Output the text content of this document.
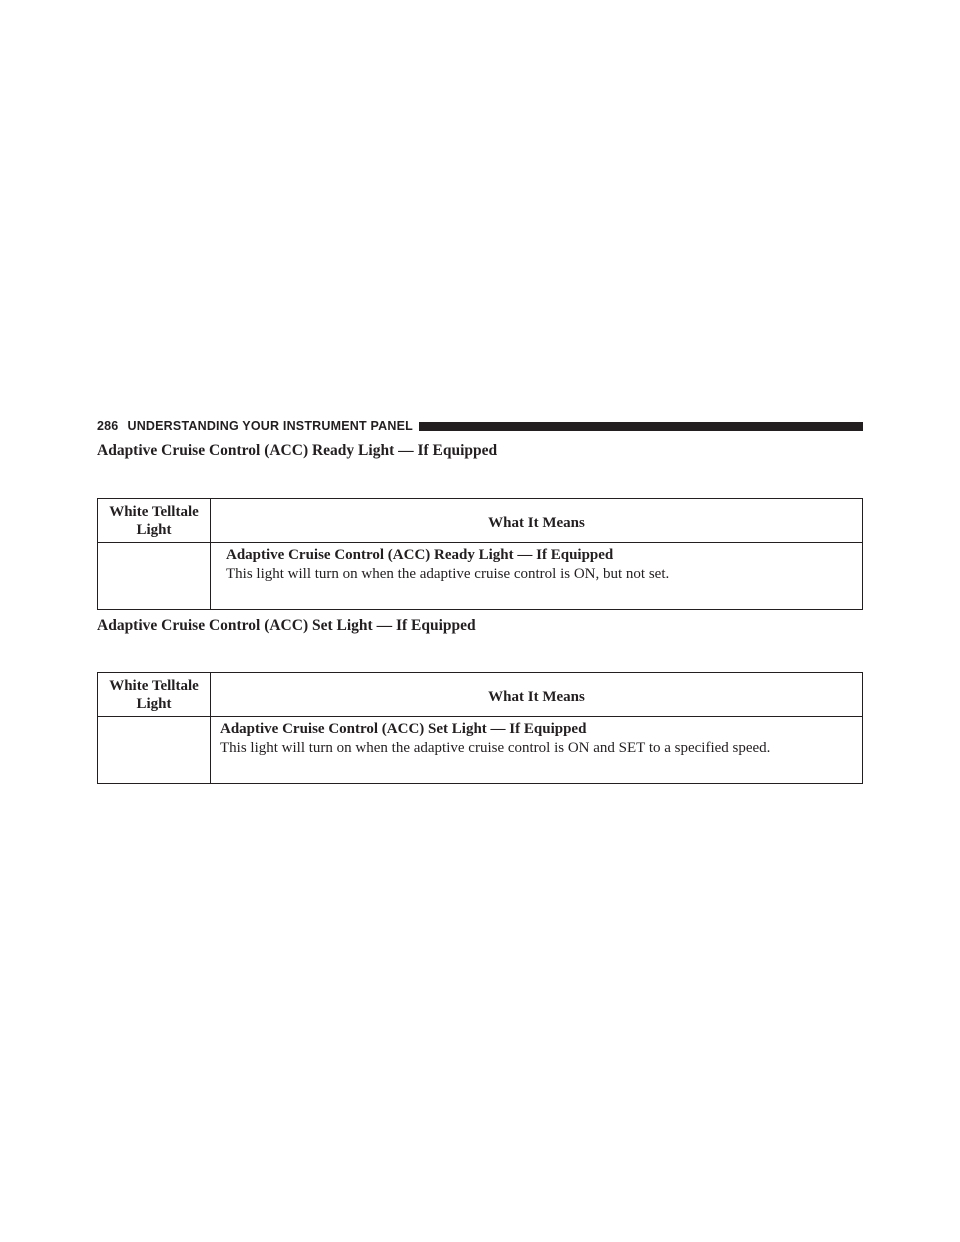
286 UNDERSTANDING YOUR INSTRUMENT PANEL
Adaptive Cruise Control (ACC) Ready Light — If Equipped
White Telltale Light	What It Means

	Adaptive Cruise Control (ACC) Ready Light — If Equipped
This light will turn on when the adaptive cruise control is ON, but not set.
Adaptive Cruise Control (ACC) Set Light — If Equipped
White Telltale Light	What It Means

	Adaptive Cruise Control (ACC) Set Light — If Equipped
This light will turn on when the adaptive cruise control is ON and SET to a specified speed.
